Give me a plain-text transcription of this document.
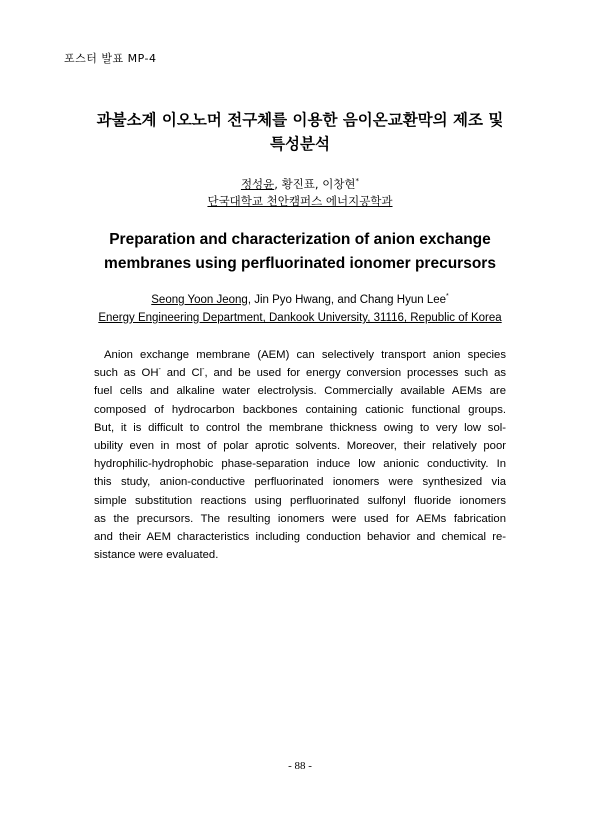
포스터 발표 MP-4
과불소계 이오노머 전구체를 이용한 음이온교환막의 제조 및
특성분석
정성윤, 황진표, 이창현*
단국대학교 천안캠퍼스 에너지공학과
Preparation and characterization of anion exchange
membranes using perfluorinated ionomer precursors
Seong Yoon Jeong, Jin Pyo Hwang, and Chang Hyun Lee*
Energy Engineering Department, Dankook University, 31116, Republic of Korea
Anion exchange membrane (AEM) can selectively transport anion species
such as OH- and Cl-, and be used for energy conversion processes such as
fuel cells and alkaline water electrolysis. Commercially available AEMs are
composed of hydrocarbon backbones containing cationic functional groups.
But, it is difficult to control the membrane thickness owing to very low sol-
ubility even in most of polar aprotic solvents. Moreover, their relatively poor
hydrophilic-hydrophobic phase-separation induce low anionic conductivity. In
this study, anion-conductive perfluorinated ionomers were synthesized via
simple substitution reactions using perfluorinated sulfonyl fluoride ionomers
as the precursors. The resulting ionomers were used for AEMs fabrication
and their AEM characteristics including conduction behavior and chemical re-
sistance were evaluated.
- 88 -
